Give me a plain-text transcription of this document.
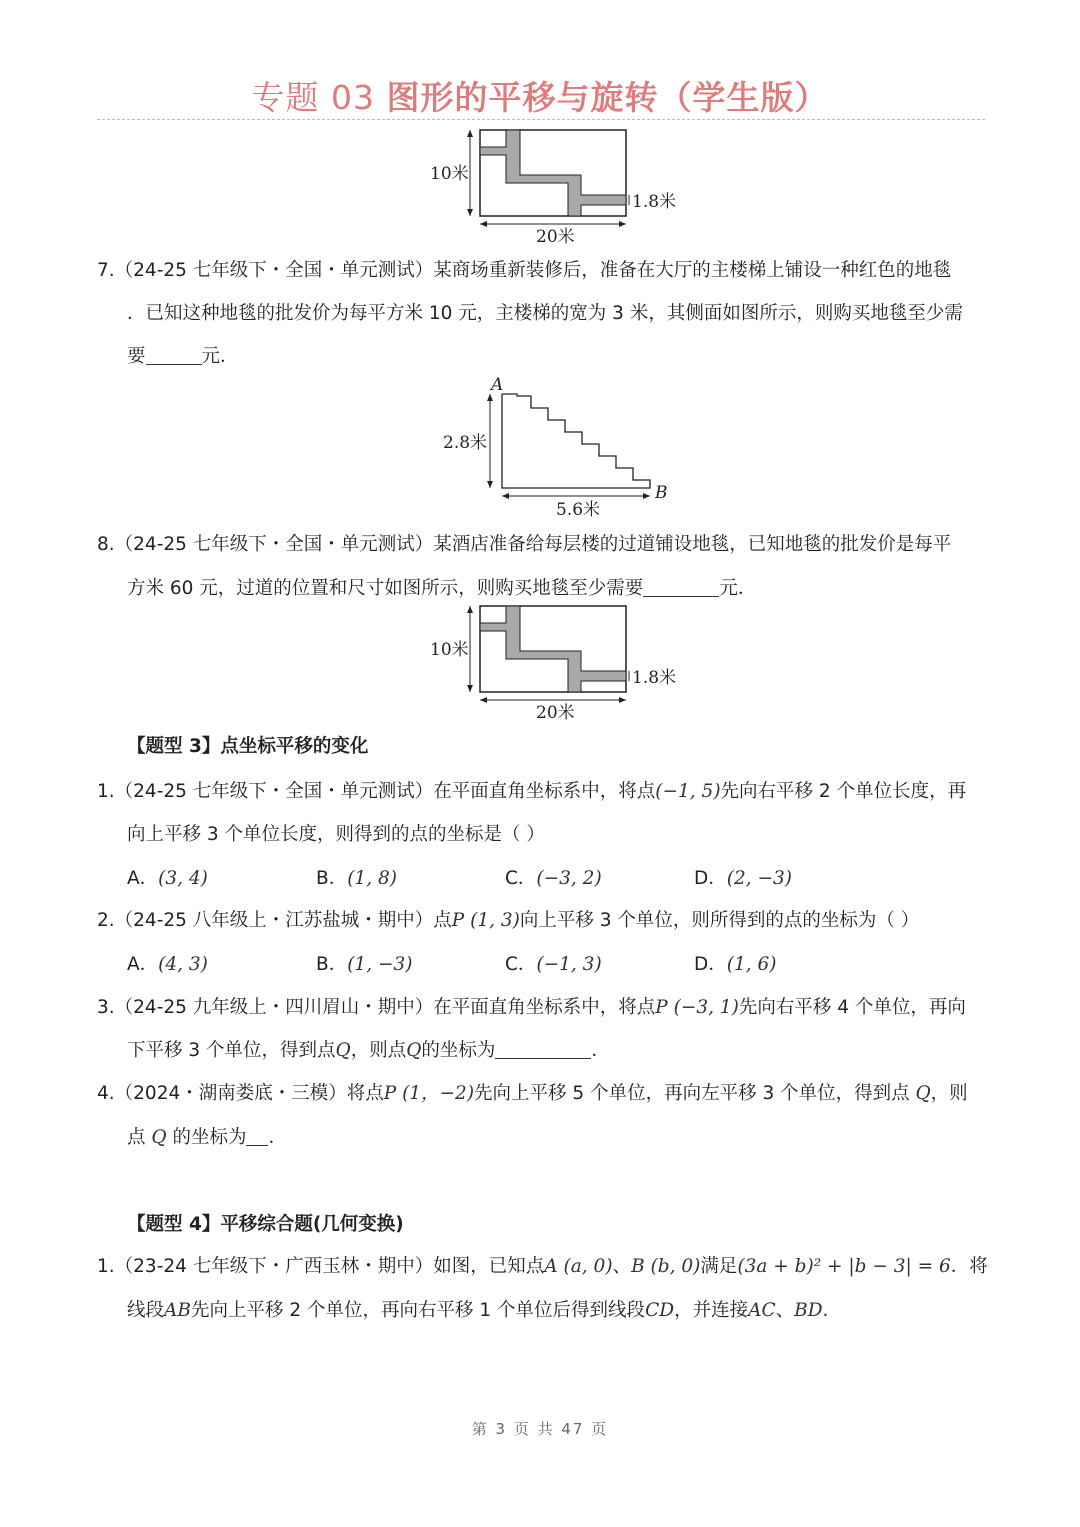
专题 03 图形的平移与旋转（学生版）
10米
20米
1.8米
7.（24-25 七年级下・全国・单元测试）某商场重新装修后，准备在大厅的主楼梯上铺设一种红色的地毯
．已知这种地毯的批发价为每平方米 10 元，主楼梯的宽为 3 米，其侧面如图所示，则购买地毯至少需
要	元．
A
B
2.8米
5.6米
8.（24-25 七年级下・全国・单元测试）某酒店准备给每层楼的过道铺设地毯，已知地毯的批发价是每平
方米 60 元，过道的位置和尺寸如图所示，则购买地毯至少需要	元．
10米
20米
1.8米
【题型 3】点坐标平移的变化
1.（24-25 七年级下・全国・单元测试）在平面直角坐标系中，将点(−1, 5)先向右平移 2 个单位长度，再
向上平移 3 个单位长度，则得到的点的坐标是（ ）
A．(3, 4)	B．(1, 8)	C．(−3, 2)	D．(2, −3)
2.（24-25 八年级上・江苏盐城・期中）点P (1, 3)向上平移 3 个单位，则所得到的点的坐标为（ ）
A．(4, 3)	B．(1, −3)	C．(−1, 3)	D．(1, 6)
3.（24-25 九年级上・四川眉山・期中）在平面直角坐标系中，将点P (−3, 1)先向右平移 4 个单位，再向
下平移 3 个单位，得到点Q，则点Q的坐标为	．
4.（2024・湖南娄底・三模）将点P (1，−2)先向上平移 5 个单位，再向左平移 3 个单位，得到点 Q，则
点 Q 的坐标为 ．
【题型 4】平移综合题(几何变换)
1.（23-24 七年级下・广西玉林・期中）如图，已知点A (a, 0)、B (b, 0)满足(3a + b)² + |b − 3| = 6．将
线段AB先向上平移 2 个单位，再向右平移 1 个单位后得到线段CD，并连接AC、BD.
第 3 页 共 47 页
